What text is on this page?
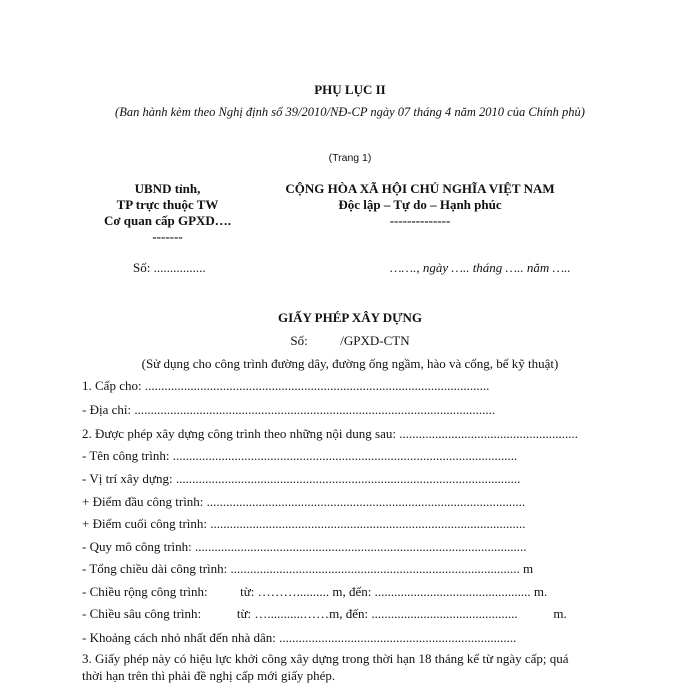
PHỤ LỤC II
(Ban hành kèm theo Nghị định số 39/2010/NĐ-CP ngày 07 tháng 4 năm 2010 của Chính phủ)
(Trang 1)
UBND tỉnh,
TP trực thuộc TW
Cơ quan cấp GPXD….
-------
CỘNG HÒA XÃ HỘI CHỦ NGHĨA VIỆT NAM
Độc lập – Tự do – Hạnh phúc
--------------
Số: ................	……., ngày ….. tháng ….. năm …..
GIẤY PHÉP XÂY DỰNG
Số:          /GPXD-CTN
(Sử dụng cho công trình đường dây, đường ống ngầm, hào và cống, bể kỹ thuật)
1. Cấp cho: ..........................................................................................................
- Địa chỉ: ...............................................................................................................
2. Được phép xây dựng công trình theo những nội dung sau: .......................................................
- Tên công trình: ..........................................................................................................
- Vị trí xây dựng: ..........................................................................................................
+ Điểm đầu công trình: ..................................................................................................
+ Điểm cuối công trình: .................................................................................................
- Quy mô công trình: ......................................................................................................
- Tổng chiều dài công trình: ......................................................................................... m
- Chiều rộng công trình:          từ: ……….......... m, đến: ................................................ m.
- Chiều sâu công trình:           từ: …...........……m, đến: .............................................           m.
- Khoảng cách nhỏ nhất đến nhà dân: .........................................................................
3. Giấy phép này có hiệu lực khởi công xây dựng trong thời hạn 18 tháng kể từ ngày cấp; quá
thời hạn trên thì phải đề nghị cấp mới giấy phép.
